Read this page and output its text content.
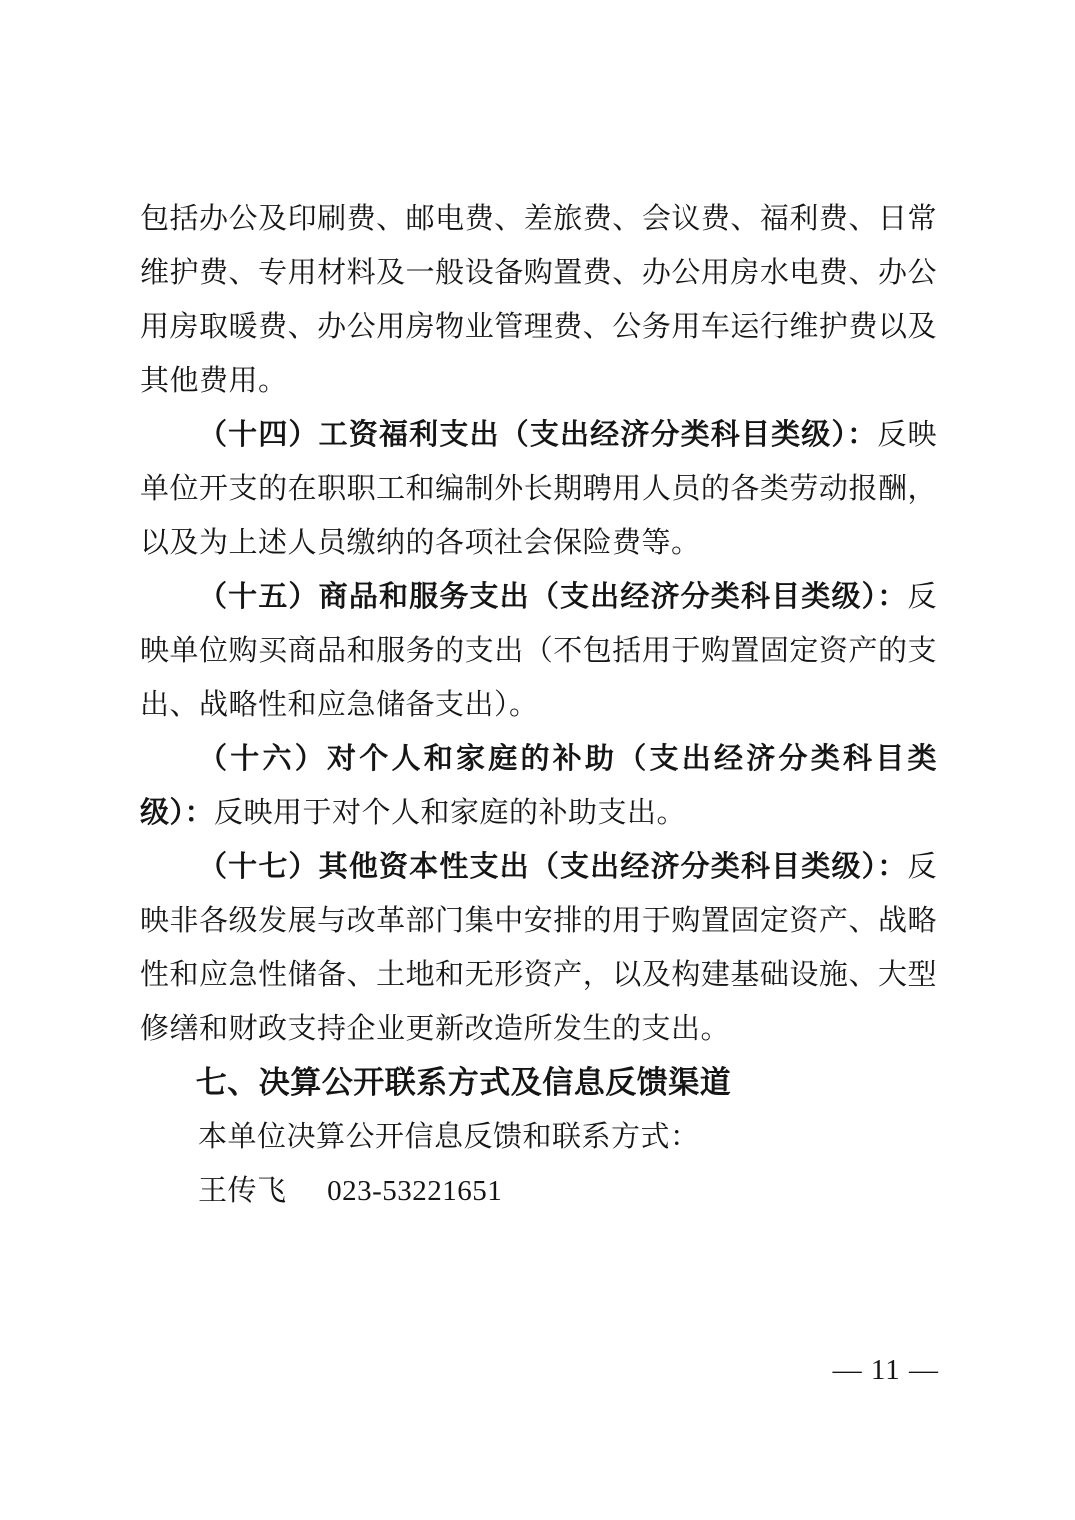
包括办公及印刷费、邮电费、差旅费、会议费、福利费、日常维护费、专用材料及一般设备购置费、办公用房水电费、办公用房取暖费、办公用房物业管理费、公务用车运行维护费以及其他费用。

（十四）工资福利支出（支出经济分类科目类级）：反映单位开支的在职职工和编制外长期聘用人员的各类劳动报酬，以及为上述人员缴纳的各项社会保险费等。

（十五）商品和服务支出（支出经济分类科目类级）：反映单位购买商品和服务的支出（不包括用于购置固定资产的支出、战略性和应急储备支出）。

（十六）对个人和家庭的补助（支出经济分类科目类级）：反映用于对个人和家庭的补助支出。

（十七）其他资本性支出（支出经济分类科目类级）：反映非各级发展与改革部门集中安排的用于购置固定资产、战略性和应急性储备、土地和无形资产，以及构建基础设施、大型修缮和财政支持企业更新改造所发生的支出。

七、决算公开联系方式及信息反馈渠道

本单位决算公开信息反馈和联系方式：

王传飞 023-53221651

— 11 —
